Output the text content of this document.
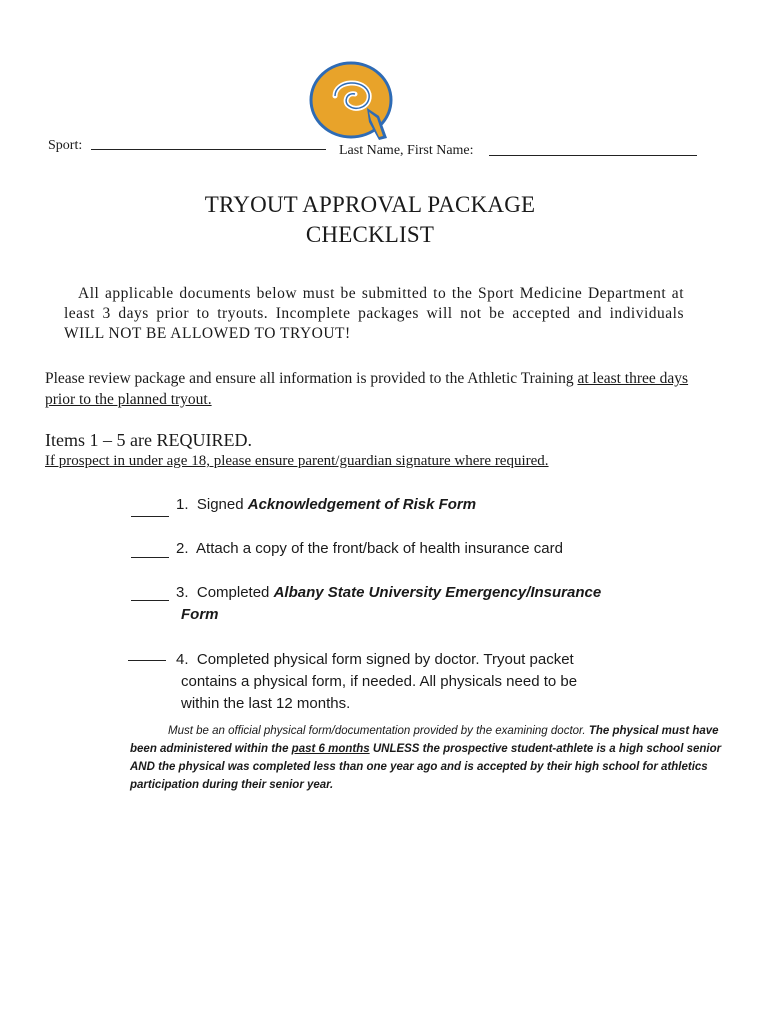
Sport:	Last Name, First Name:
TRYOUT APPROVAL PACKAGE
CHECKLIST
All applicable documents below must be submitted to the Sport Medicine Department at least 3 days prior to tryouts. Incomplete packages will not be accepted and individuals WILL NOT BE ALLOWED TO TRYOUT!
Please review package and ensure all information is provided to the Athletic Training at least three days prior to the planned tryout.
Items 1 – 5 are REQUIRED.
If prospect in under age 18, please ensure parent/guardian signature where required.
1. Signed Acknowledgement of Risk Form
2. Attach a copy of the front/back of health insurance card
3. Completed Albany State University Emergency/Insurance
Form
4. Completed physical form signed by doctor. Tryout packet
contains a physical form, if needed. All physicals need to be
within the last 12 months.
Must be an official physical form/documentation provided by the examining doctor. The physical must have been administered within the past 6 months UNLESS the prospective student-athlete is a high school senior AND the physical was completed less than one year ago and is accepted by their high school for athletics participation during their senior year.
